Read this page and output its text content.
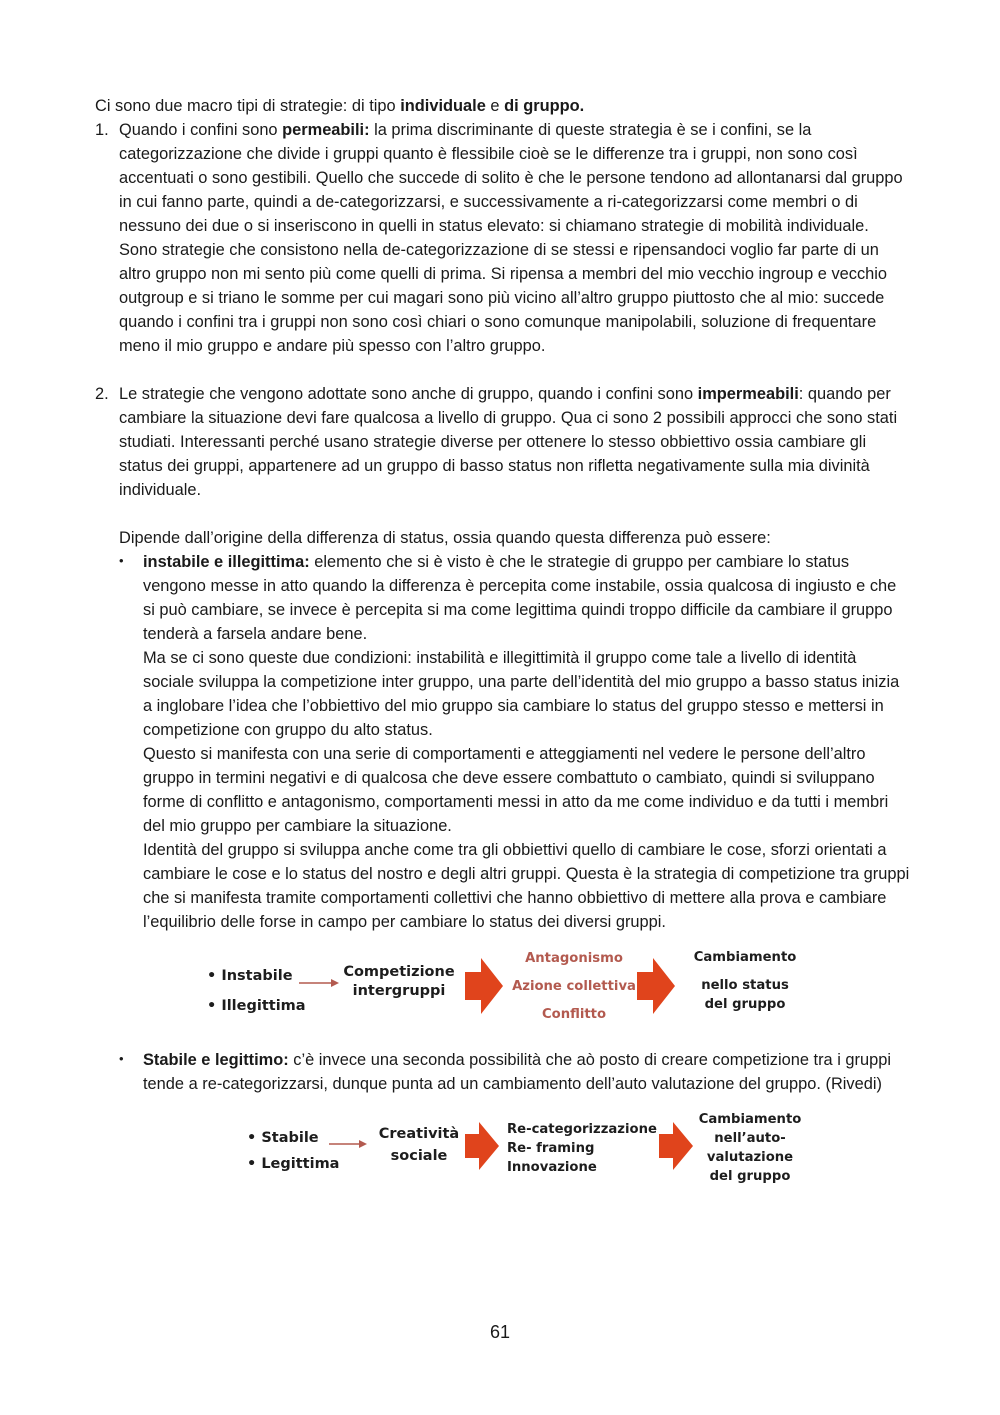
Ci sono due macro tipi di strategie: di tipo individuale e di gruppo.

1. Quando i confini sono permeabili: la prima discriminante di queste strategia è se i confini, se la categorizzazione che divide i gruppi quanto è flessibile cioè se le differenze tra i gruppi, non sono così accentuati o sono gestibili. Quello che succede di solito è che le persone tendono ad allontanarsi dal gruppo in cui fanno parte, quindi a de-categorizzarsi, e successivamente a ri-categorizzarsi come membri o di nessuno dei due o si inseriscono in quelli in status elevato: si chiamano strategie di mobilità individuale.

Sono strategie che consistono nella de-categorizzazione di se stessi e ripensandoci voglio far parte di un altro gruppo non mi sento più come quelli di prima. Si ripensa a membri del mio vecchio ingroup e vecchio outgroup e si triano le somme per cui magari sono più vicino all’altro gruppo piuttosto che al mio: succede quando i confini tra i gruppi non sono così chiari o sono comunque manipolabili, soluzione di frequentare meno il mio gruppo e andare più spesso con l’altro gruppo.

2. Le strategie che vengono adottate sono anche di gruppo, quando i confini sono impermeabili: quando per cambiare la situazione devi fare qualcosa a livello di gruppo. Qua ci sono 2 possibili approcci che sono stati studiati. Interessanti perché usano strategie diverse per ottenere lo stesso obbiettivo ossia cambiare gli status dei gruppi, appartenere ad un gruppo di basso status non rifletta negativamente sulla mia divinità individuale.

Dipende dall’origine della differenza di status, ossia quando questa differenza può essere:

• instabile e illegittima: elemento che si è visto è che le strategie di gruppo per cambiare lo status vengono messe in atto quando la differenza è percepita come instabile, ossia qualcosa di ingiusto e che si può cambiare, se invece è percepita si ma come legittima quindi troppo difficile da cambiare il gruppo tenderà a farsela andare bene.

Ma se ci sono queste due condizioni: instabilità e illegittimità il gruppo come tale a livello di identità sociale sviluppa la competizione inter gruppo, una parte dell’identità del mio gruppo a basso status inizia a inglobare l’idea che l’obbiettivo del mio gruppo sia cambiare lo status del gruppo stesso e mettersi in competizione con gruppo du alto status.

Questo si manifesta con una serie di comportamenti e atteggiamenti nel vedere le persone dell’altro gruppo in termini negativi e di qualcosa che deve essere combattuto o cambiato, quindi si sviluppano forme di conflitto e antagonismo, comportamenti messi in atto da me come individuo e da tutti i membri del mio gruppo per cambiare la situazione.

Identità del gruppo si sviluppa anche come tra gli obbiettivi quello di cambiare le cose, sforzi orientati a cambiare le cose e lo status del nostro e degli altri gruppi. Questa è la strategia di competizione tra gruppi che si manifesta tramite comportamenti collettivi che hanno obbiettivo di mettere alla prova e cambiare l’equilibrio delle forse in campo per cambiare lo status dei diversi gruppi.

• Instabile
• Illegittima
Competizione
intergruppi
Antagonismo
Azione collettiva
Conflitto
Cambiamento
nello status
del gruppo
• Stabile e legittimo: c’è invece una seconda possibilità che aò posto di creare competizione tra i gruppi tende a re-categorizzarsi, dunque punta ad un cambiamento dell’auto valutazione del gruppo. (Rivedi)

• Stabile
• Legittima
Creatività
sociale
Re-categorizzazione
Re- framing
Innovazione
Cambiamento
nell’auto-
valutazione
del gruppo
61
